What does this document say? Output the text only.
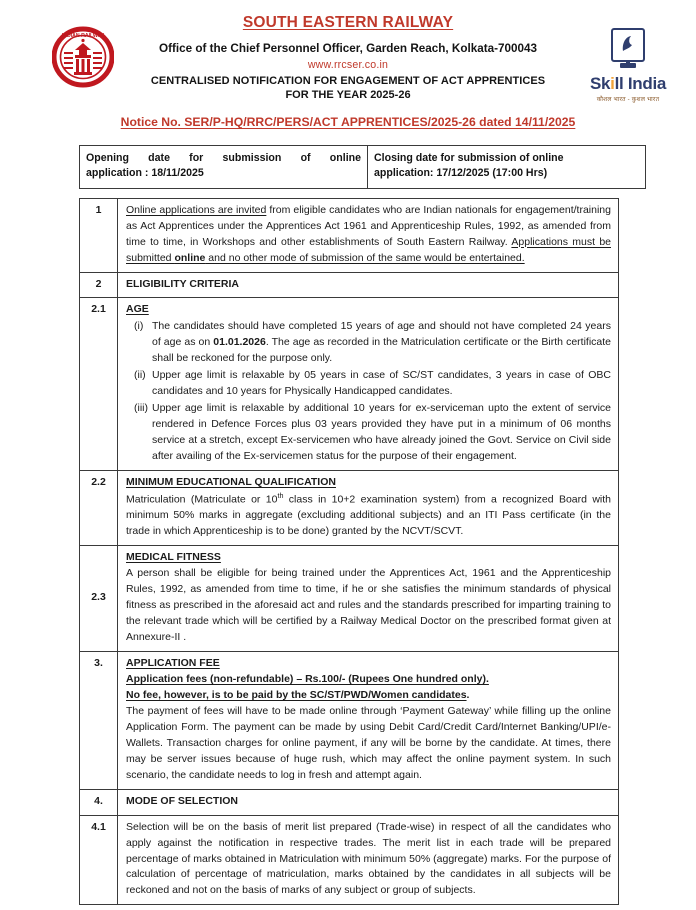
INDIAN RAILWAY
SOUTH EASTERN RAILWAY
Office of the Chief Personnel Officer, Garden Reach, Kolkata-700043
www.rrcser.co.in
CENTRALISED NOTIFICATION FOR ENGAGEMENT OF ACT APPRENTICES
FOR THE YEAR 2025-26
Notice No. SER/P-HQ/RRC/PERS/ACT APPRENTICES/2025-26 dated 14/11/2025
Skill India
कौशल भारत - कुशल भारत
Opening date for submission of online
application : 18/11/2025

Closing date for submission of online
application: 17/12/2025 (17:00 Hrs)
1	Online applications are invited from eligible candidates who are Indian nationals for engagement/training as Act Apprentices under the Apprentices Act 1961 and Apprenticeship Rules, 1992, as amended from time to time, in Workshops and other establishments of South Eastern Railway. Applications must be submitted online and no other mode of submission of the same would be entertained.

2	ELIGIBILITY CRITERIA
2.1	AGE

(i) The candidates should have completed 15 years of age and should not have completed 24 years of age as on 01.01.2026. The age as recorded in the Matriculation certificate or the Birth certificate shall be reckoned for the purpose only.
(ii) Upper age limit is relaxable by 05 years in case of SC/ST candidates, 3 years in case of OBC candidates and 10 years for Physically Handicapped candidates.
(iii) Upper age limit is relaxable by additional 10 years for ex-serviceman upto the extent of service rendered in Defence Forces plus 03 years provided they have put in a minimum of 06 months service at a stretch, except Ex-servicemen who have already joined the Govt. Service on Civil side after availing of the Ex-servicemen status for the purpose of their engagement.

2.2	MINIMUM EDUCATIONAL QUALIFICATION

Matriculation (Matriculate or 10th class in 10+2 examination system) from a recognized Board with minimum 50% marks in aggregate (excluding additional subjects) and an ITI Pass certificate (in the trade in which Apprenticeship is to be done) granted by the NCVT/SCVT.

2.3	MEDICAL FITNESS

A person shall be eligible for being trained under the Apprentices Act, 1961 and the Apprenticeship Rules, 1992, as amended from time to time, if he or she satisfies the minimum standards of physical fitness as prescribed in the aforesaid act and rules and the standards prescribed for imparting training to the relevant trade which will be certified by a Railway Medical Doctor on the prescribed format given at Annexure-II .

3.	APPLICATION FEE

Application fees (non-refundable) – Rs.100/- (Rupees One hundred only).

No fee, however, is to be paid by the SC/ST/PWD/Women candidates.

The payment of fees will have to be made online through ‘Payment Gateway’ while filling up the online Application Form. The payment can be made by using Debit Card/Credit Card/Internet Banking/UPI/e-Wallets. Transaction charges for online payment, if any will be borne by the candidate. At times, there may be server issues because of huge rush, which may affect the online payment system. In such scenario, the candidate needs to log in fresh and attempt again.

4.	MODE OF SELECTION
4.1	Selection will be on the basis of merit list prepared (Trade-wise) in respect of all the candidates who apply against the notification in respective trades. The merit list in each trade will be prepared percentage of marks obtained in Matriculation with minimum 50% (aggregate) marks. For the purpose of calculation of percentage of matriculation, marks obtained by the candidates in all subjects will be reckoned and not on the basis of marks of any subject or group of subjects.
